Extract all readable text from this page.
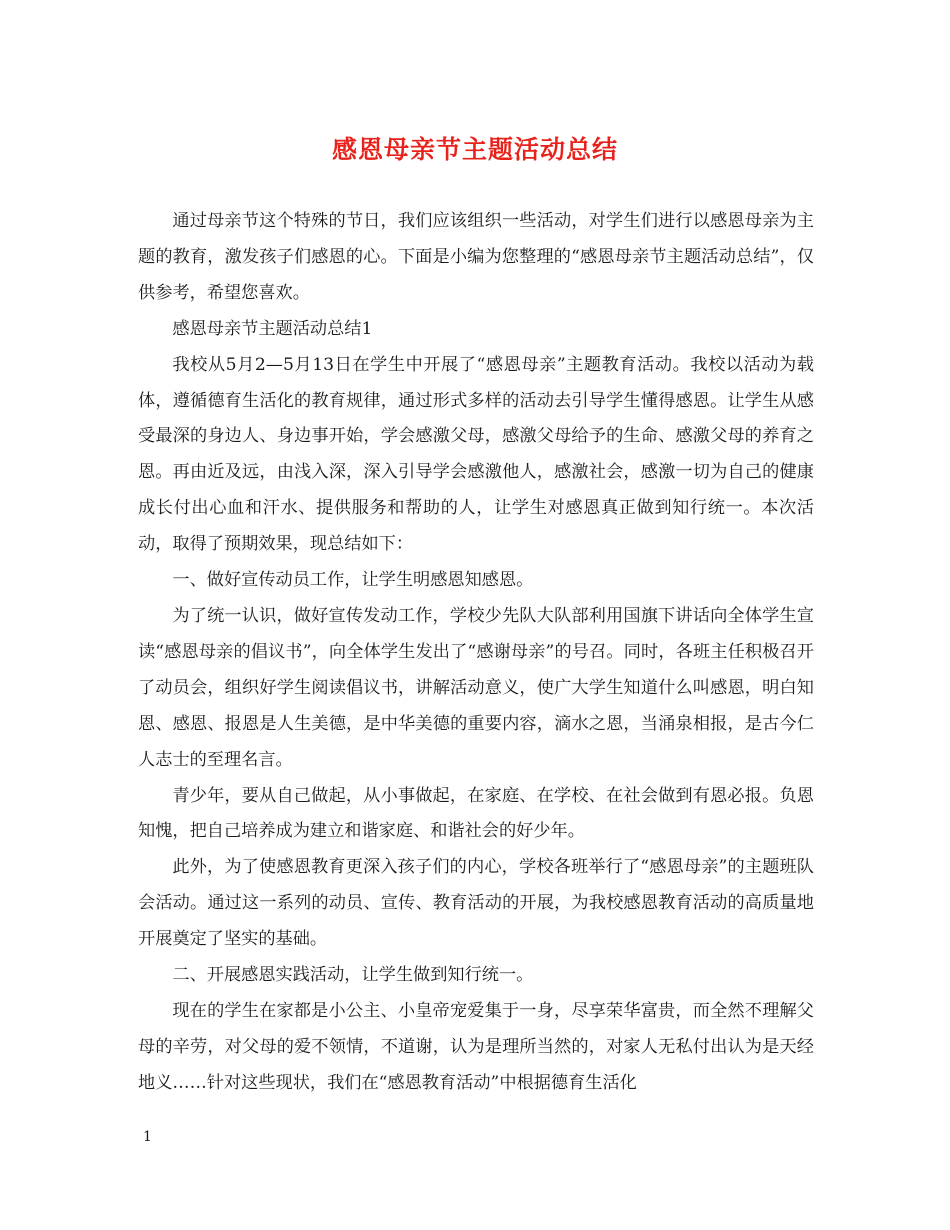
感恩母亲节主题活动总结

通过母亲节这个特殊的节日，我们应该组织一些活动，对学生们进行以感恩母亲为主题的教育，激发孩子们感恩的心。下面是小编为您整理的“感恩母亲节主题活动总结”，仅供参考，希望您喜欢。

感恩母亲节主题活动总结1

我校从5月2—5月13日在学生中开展了“感恩母亲”主题教育活动。我校以活动为载体，遵循德育生活化的教育规律，通过形式多样的活动去引导学生懂得感恩。让学生从感受最深的身边人、身边事开始，学会感激父母，感激父母给予的生命、感激父母的养育之恩。再由近及远，由浅入深，深入引导学会感激他人，感激社会，感激一切为自己的健康成长付出心血和汗水、提供服务和帮助的人，让学生对感恩真正做到知行统一。本次活动，取得了预期效果，现总结如下：

一、做好宣传动员工作，让学生明感恩知感恩。

为了统一认识，做好宣传发动工作，学校少先队大队部利用国旗下讲话向全体学生宣读“感恩母亲的倡议书”，向全体学生发出了“感谢母亲”的号召。同时，各班主任积极召开了动员会，组织好学生阅读倡议书，讲解活动意义，使广大学生知道什么叫感恩，明白知恩、感恩、报恩是人生美德，是中华美德的重要内容，滴水之恩，当涌泉相报，是古今仁人志士的至理名言。

青少年，要从自己做起，从小事做起，在家庭、在学校、在社会做到有恩必报。负恩知愧，把自己培养成为建立和谐家庭、和谐社会的好少年。

此外，为了使感恩教育更深入孩子们的内心，学校各班举行了“感恩母亲”的主题班队会活动。通过这一系列的动员、宣传、教育活动的开展，为我校感恩教育活动的高质量地开展奠定了坚实的基础。

二、开展感恩实践活动，让学生做到知行统一。

现在的学生在家都是小公主、小皇帝宠爱集于一身，尽享荣华富贵，而全然不理解父母的辛劳，对父母的爱不领情，不道谢，认为是理所当然的，对家人无私付出认为是天经地义……针对这些现状，我们在“感恩教育活动”中根据德育生活化

1
